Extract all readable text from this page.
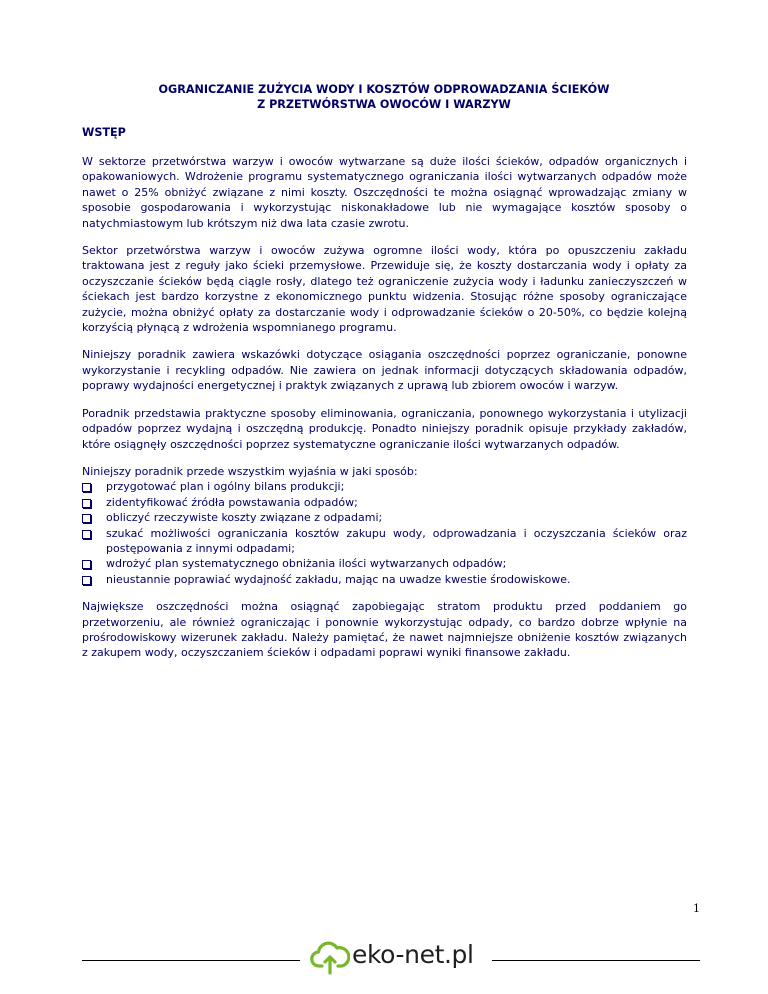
OGRANICZANIE ZUŻYCIA WODY I KOSZTÓW ODPROWADZANIA ŚCIEKÓW
Z PRZETWÓRSTWA OWOCÓW I WARZYW
WSTĘP

W sektorze przetwórstwa warzyw i owoców wytwarzane są duże ilości ścieków, odpadów organicznych i opakowaniowych. Wdrożenie programu systematycznego ograniczania ilości wytwarzanych odpadów może nawet o 25% obniżyć związane z nimi koszty. Oszczędności te można osiągnąć wprowadzając zmiany w sposobie gospodarowania i wykorzystując niskonakładowe lub nie wymagające kosztów sposoby o natychmiastowym lub krótszym niż dwa lata czasie zwrotu.

Sektor przetwórstwa warzyw i owoców zużywa ogromne ilości wody, która po opuszczeniu zakładu traktowana jest z reguły jako ścieki przemysłowe. Przewiduje się, że koszty dostarczania wody i opłaty za oczyszczanie ścieków będą ciągle rosły, dlatego też ograniczenie zużycia wody i ładunku zanieczyszczeń w ściekach jest bardzo korzystne z ekonomicznego punktu widzenia. Stosując różne sposoby ograniczające zużycie, można obniżyć opłaty za dostarczanie wody i odprowadzanie ścieków o 20-50%, co będzie kolejną korzyścią płynącą z wdrożenia wspomnianego programu.

Niniejszy poradnik zawiera wskazówki dotyczące osiągania oszczędności poprzez ograniczanie, ponowne wykorzystanie i recykling odpadów. Nie zawiera on jednak informacji dotyczących składowania odpadów, poprawy wydajności energetycznej i praktyk związanych z uprawą lub zbiorem owoców i warzyw.

Poradnik przedstawia praktyczne sposoby eliminowania, ograniczania, ponownego wykorzystania i utylizacji odpadów poprzez wydajną i oszczędną produkcję. Ponadto niniejszy poradnik opisuje przykłady zakładów, które osiągnęły oszczędności poprzez systematyczne ograniczanie ilości wytwarzanych odpadów.

Niniejszy poradnik przede wszystkim wyjaśnia w jaki sposób:
przygotować plan i ogólny bilans produkcji;
zidentyfikować źródła powstawania odpadów;
obliczyć rzeczywiste koszty związane z odpadami;
szukać możliwości ograniczania kosztów zakupu wody, odprowadzania i oczyszczania ścieków oraz postępowania z innymi odpadami;
wdrożyć plan systematycznego obniżania ilości wytwarzanych odpadów;
nieustannie poprawiać wydajność zakładu, mając na uwadze kwestie środowiskowe.

Największe oszczędności można osiągnąć zapobiegając stratom produktu przed poddaniem go przetworzeniu, ale również ograniczając i ponownie wykorzystując odpady, co bardzo dobrze wpłynie na prośrodowiskowy wizerunek zakładu. Należy pamiętać, że nawet najmniejsze obniżenie kosztów związanych z zakupem wody, oczyszczaniem ścieków i odpadami poprawi wyniki finansowe zakładu.

1
eko-net.pl
